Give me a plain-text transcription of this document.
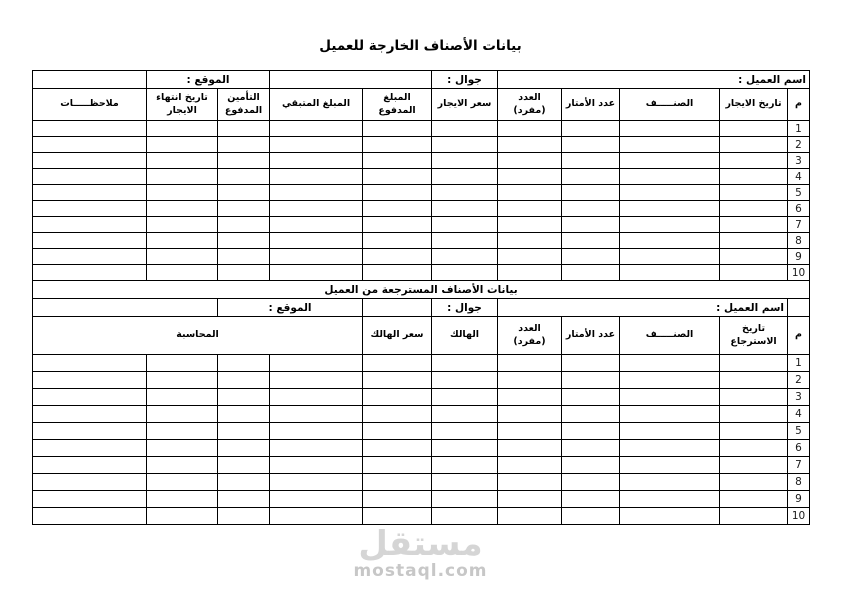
بيانات الأصناف الخارجة للعميل
اسم العميل :					جوال :			الموقع :		
م	تاريخ الايجار	الصنـــــف	عدد الأمتار	العدد (مفرد)	سعر الايجار	المبلغ المدفوع	المبلغ المتبقي	التأمين المدفوع	تاريخ انتهاء الايجار	ملاحظـــــات
1										
2										
3										
4										
5										
6										
7										
8										
9										
10										
بيانات الأصناف المسترجعة من العميل										
	اسم العميل :				جوال :		الموقع :			
م	تاريخ الاسترجاع	الصنـــــف	عدد الأمتار	العدد (مفرد)	الهالك	سعر الهالك	المحاسبة			
1										
2										
3										
4										
5										
6										
7										
8										
9										
10										
مستقل
mostaql.com
